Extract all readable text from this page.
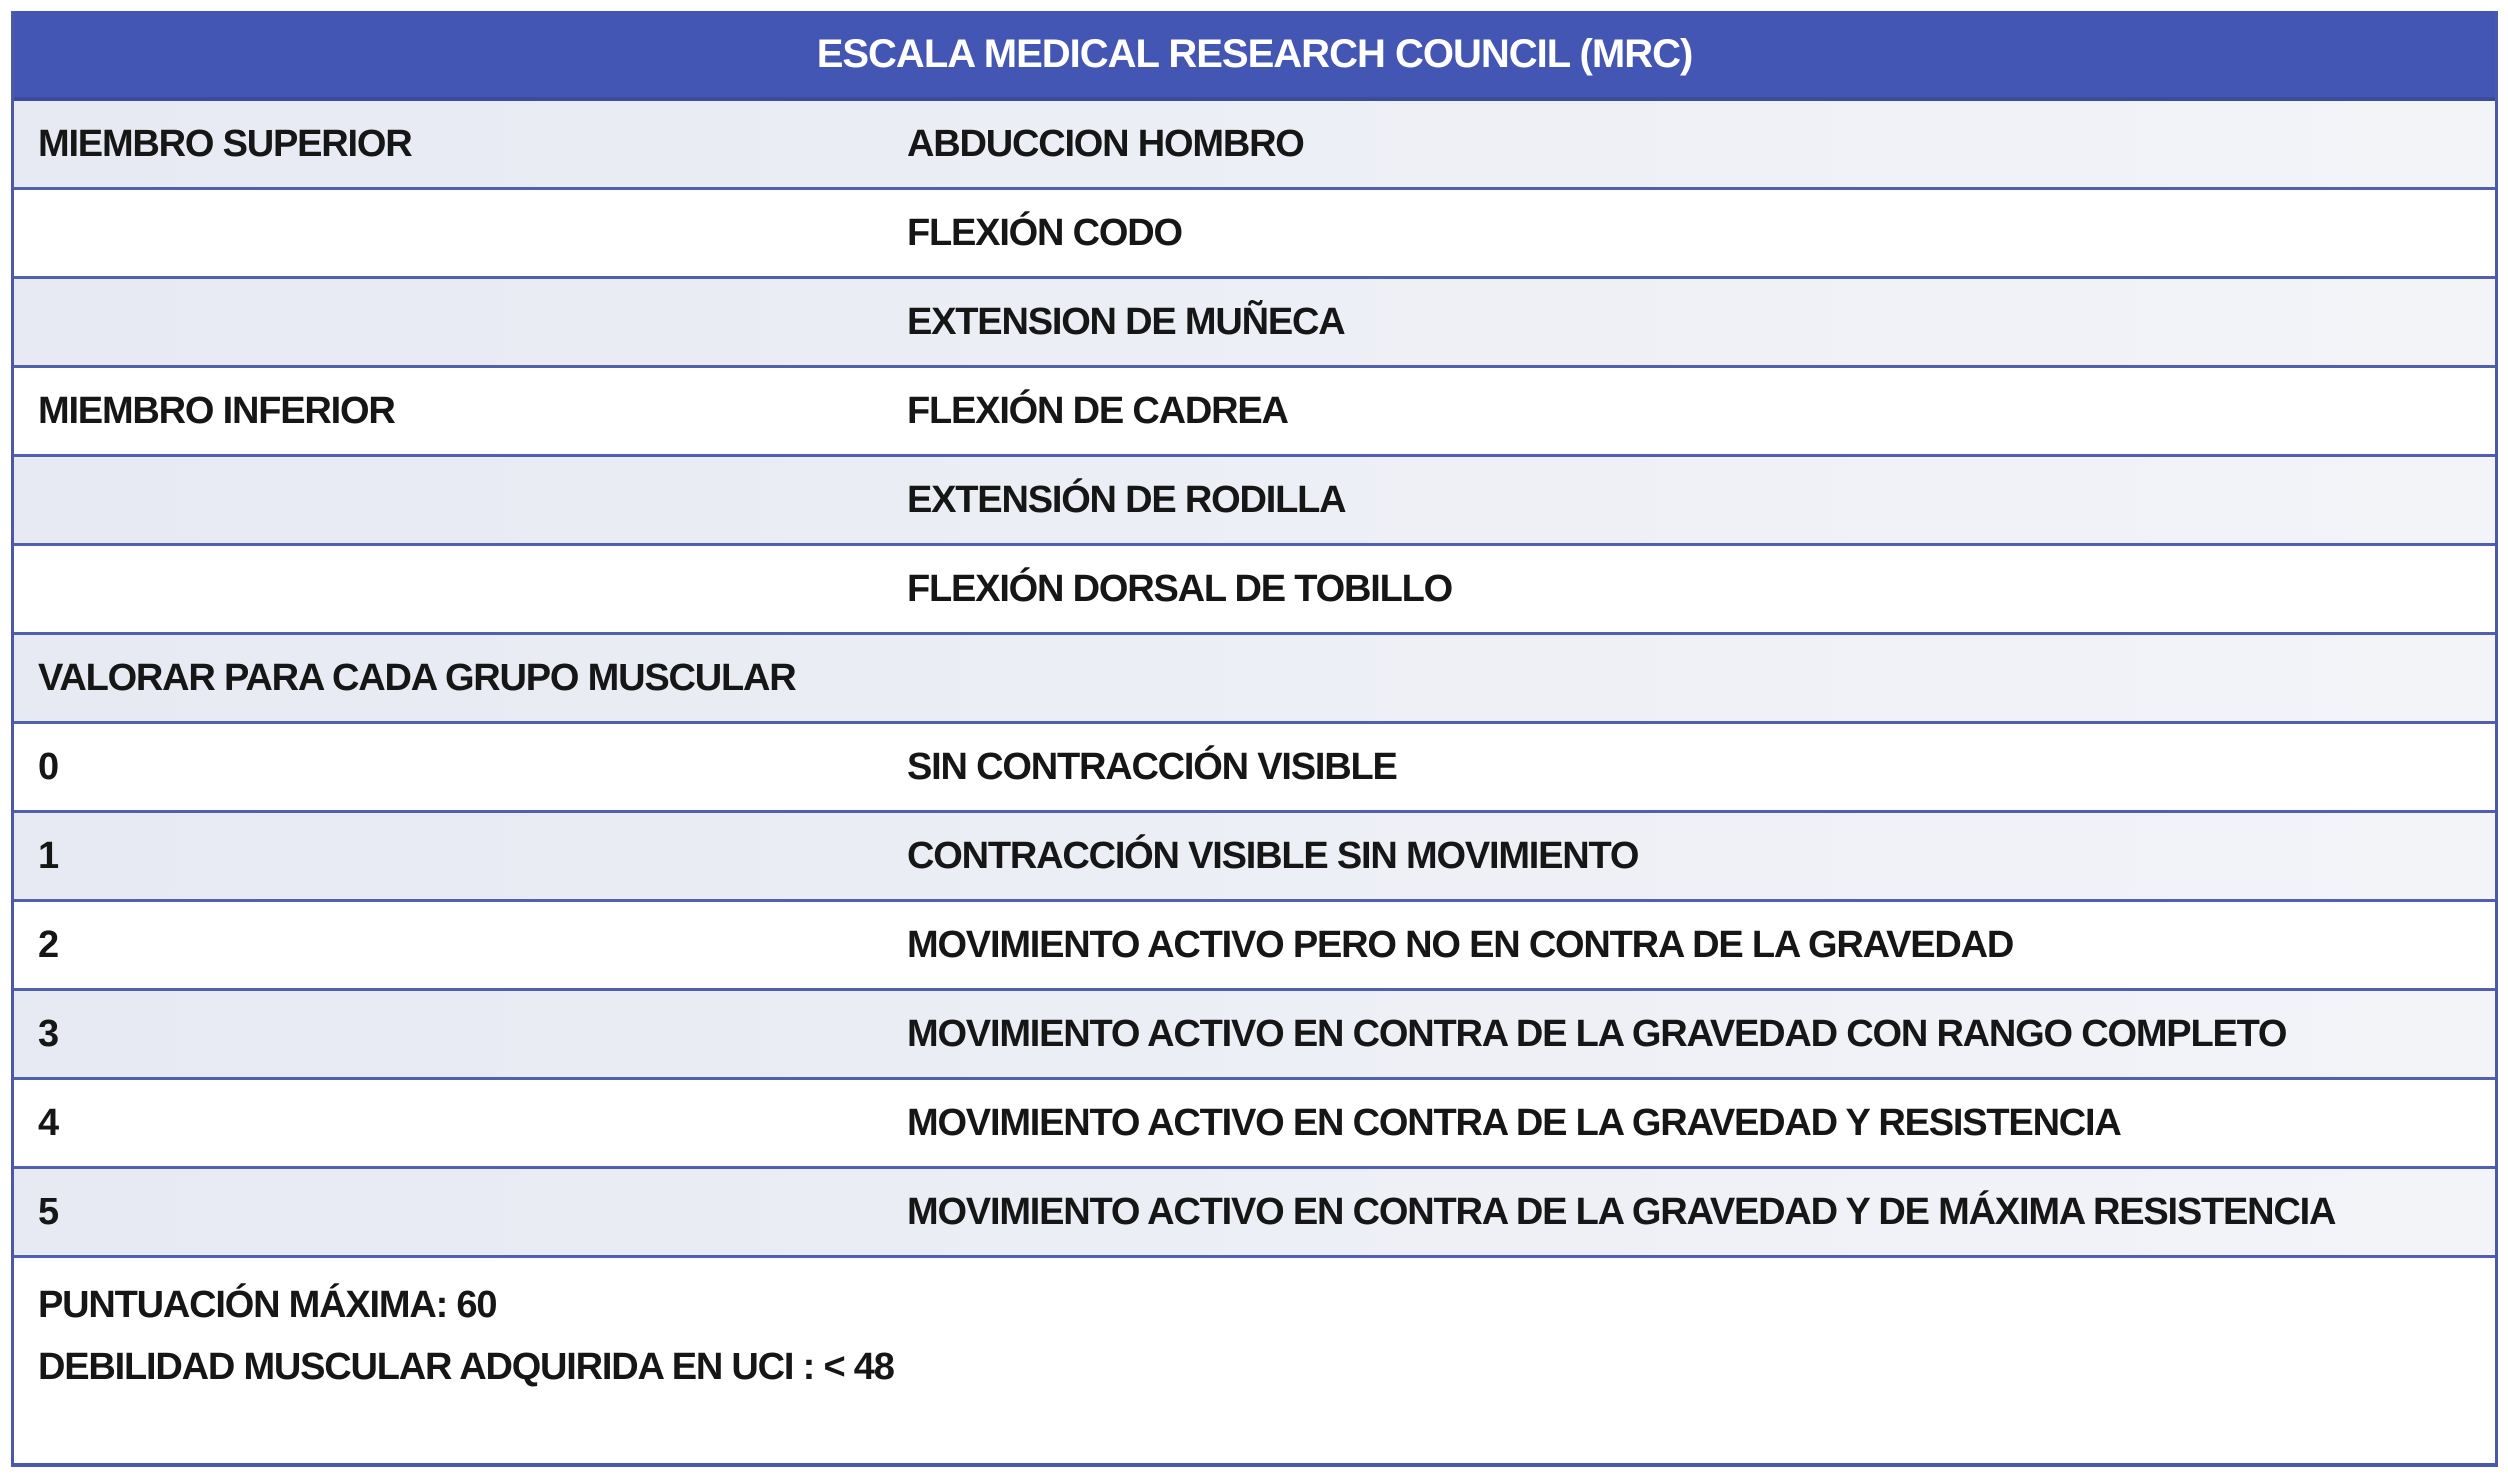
ESCALA MEDICAL RESEARCH COUNCIL (MRC)
MIEMBRO SUPERIOR	ABDUCCION HOMBRO
FLEXIÓN CODO
EXTENSION DE MUÑECA
MIEMBRO INFERIOR	FLEXIÓN DE CADREA
EXTENSIÓN DE RODILLA
FLEXIÓN DORSAL DE TOBILLO
VALORAR PARA CADA GRUPO MUSCULAR
0	SIN CONTRACCIÓN VISIBLE
1	CONTRACCIÓN VISIBLE SIN MOVIMIENTO
2	MOVIMIENTO ACTIVO PERO NO EN CONTRA DE LA GRAVEDAD
3	MOVIMIENTO ACTIVO EN CONTRA DE LA GRAVEDAD CON RANGO COMPLETO
4	MOVIMIENTO ACTIVO EN CONTRA DE LA GRAVEDAD Y RESISTENCIA
5	MOVIMIENTO ACTIVO EN CONTRA DE LA GRAVEDAD Y DE MÁXIMA RESISTENCIA
PUNTUACIÓN MÁXIMA: 60
DEBILIDAD MUSCULAR ADQUIRIDA EN UCI : < 48
